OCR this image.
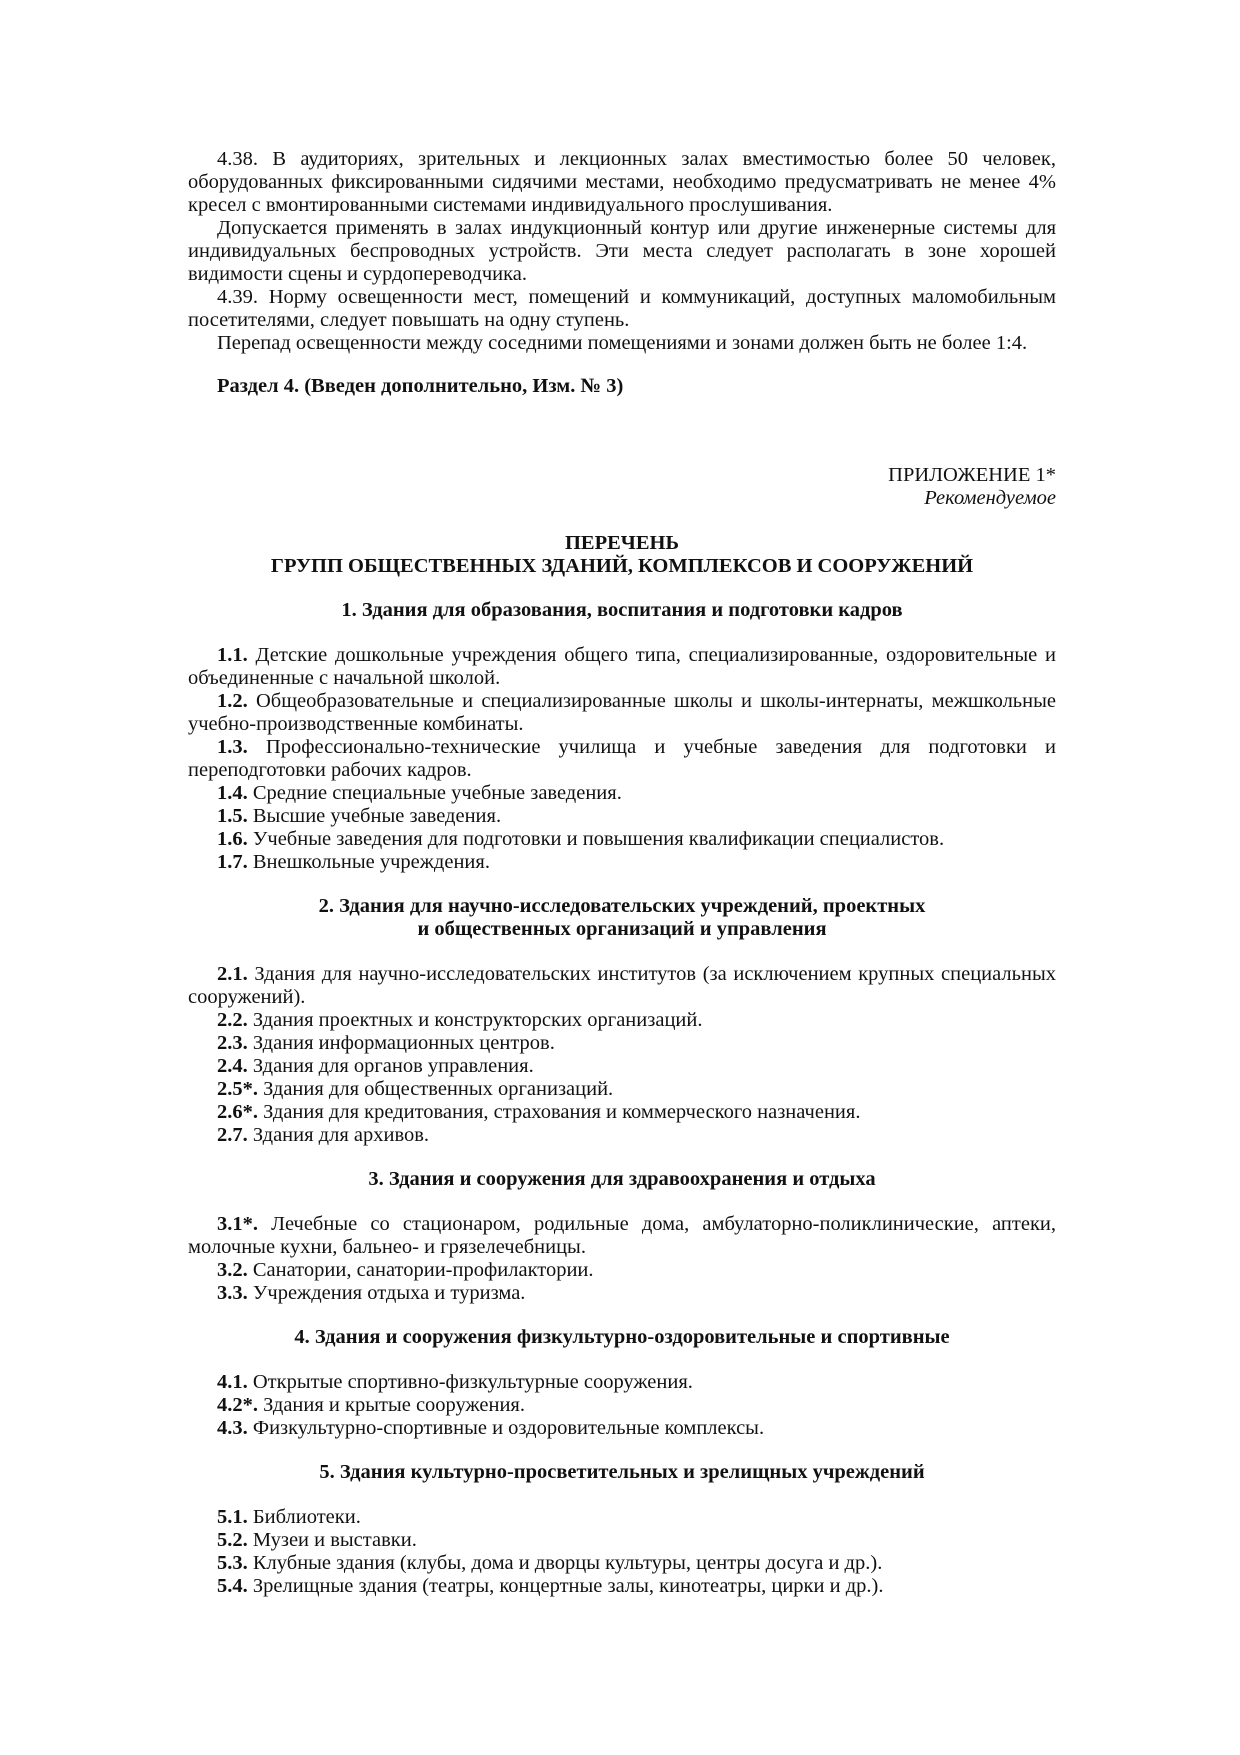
4.38. В аудиториях, зрительных и лекционных залах вместимостью более 50 человек, оборудованных фиксированными сидячими местами, необходимо предусматривать не менее 4% кресел с вмонтированными системами индивидуального прослушивания.

Допускается применять в залах индукционный контур или другие инженерные системы для индивидуальных беспроводных устройств. Эти места следует располагать в зоне хорошей видимости сцены и сурдопереводчика.

4.39. Норму освещенности мест, помещений и коммуникаций, доступных маломобильным посетителями, следует повышать на одну ступень.

Перепад освещенности между соседними помещениями и зонами должен быть не более 1:4.

Раздел 4. (Введен дополнительно, Изм. № 3)

ПРИЛОЖЕНИЕ 1*
Рекомендуемое
ПЕРЕЧЕНЬ
ГРУПП ОБЩЕСТВЕННЫХ ЗДАНИЙ, КОМПЛЕКСОВ И СООРУЖЕНИЙ
1. Здания для образования, воспитания и подготовки кадров

1.1. Детские дошкольные учреждения общего типа, специализированные, оздоровительные и объединенные с начальной школой.

1.2. Общеобразовательные и специализированные школы и школы-интернаты, межшкольные учебно-производственные комбинаты.

1.3. Профессионально-технические училища и учебные заведения для подготовки и переподготовки рабочих кадров.

1.4. Средние специальные учебные заведения.

1.5. Высшие учебные заведения.

1.6. Учебные заведения для подготовки и повышения квалификации специалистов.

1.7. Внешкольные учреждения.

2. Здания для научно-исследовательских учреждений, проектных
и общественных организаций и управления

2.1. Здания для научно-исследовательских институтов (за исключением крупных специальных сооружений).

2.2. Здания проектных и конструкторских организаций.

2.3. Здания информационных центров.

2.4. Здания для органов управления.

2.5*. Здания для общественных организаций.

2.6*. Здания для кредитования, страхования и коммерческого назначения.

2.7. Здания для архивов.

3. Здания и сооружения для здравоохранения и отдыха

3.1*. Лечебные со стационаром, родильные дома, амбулаторно-поликлинические, аптеки, молочные кухни, бальнео- и грязелечебницы.

3.2. Санатории, санатории-профилактории.

3.3. Учреждения отдыха и туризма.

4. Здания и сооружения физкультурно-оздоровительные и спортивные

4.1. Открытые спортивно-физкультурные сооружения.

4.2*. Здания и крытые сооружения.

4.3. Физкультурно-спортивные и оздоровительные комплексы.

5. Здания культурно-просветительных и зрелищных учреждений

5.1. Библиотеки.

5.2. Музеи и выставки.

5.3. Клубные здания (клубы, дома и дворцы культуры, центры досуга и др.).

5.4. Зрелищные здания (театры, концертные залы, кинотеатры, цирки и др.).
